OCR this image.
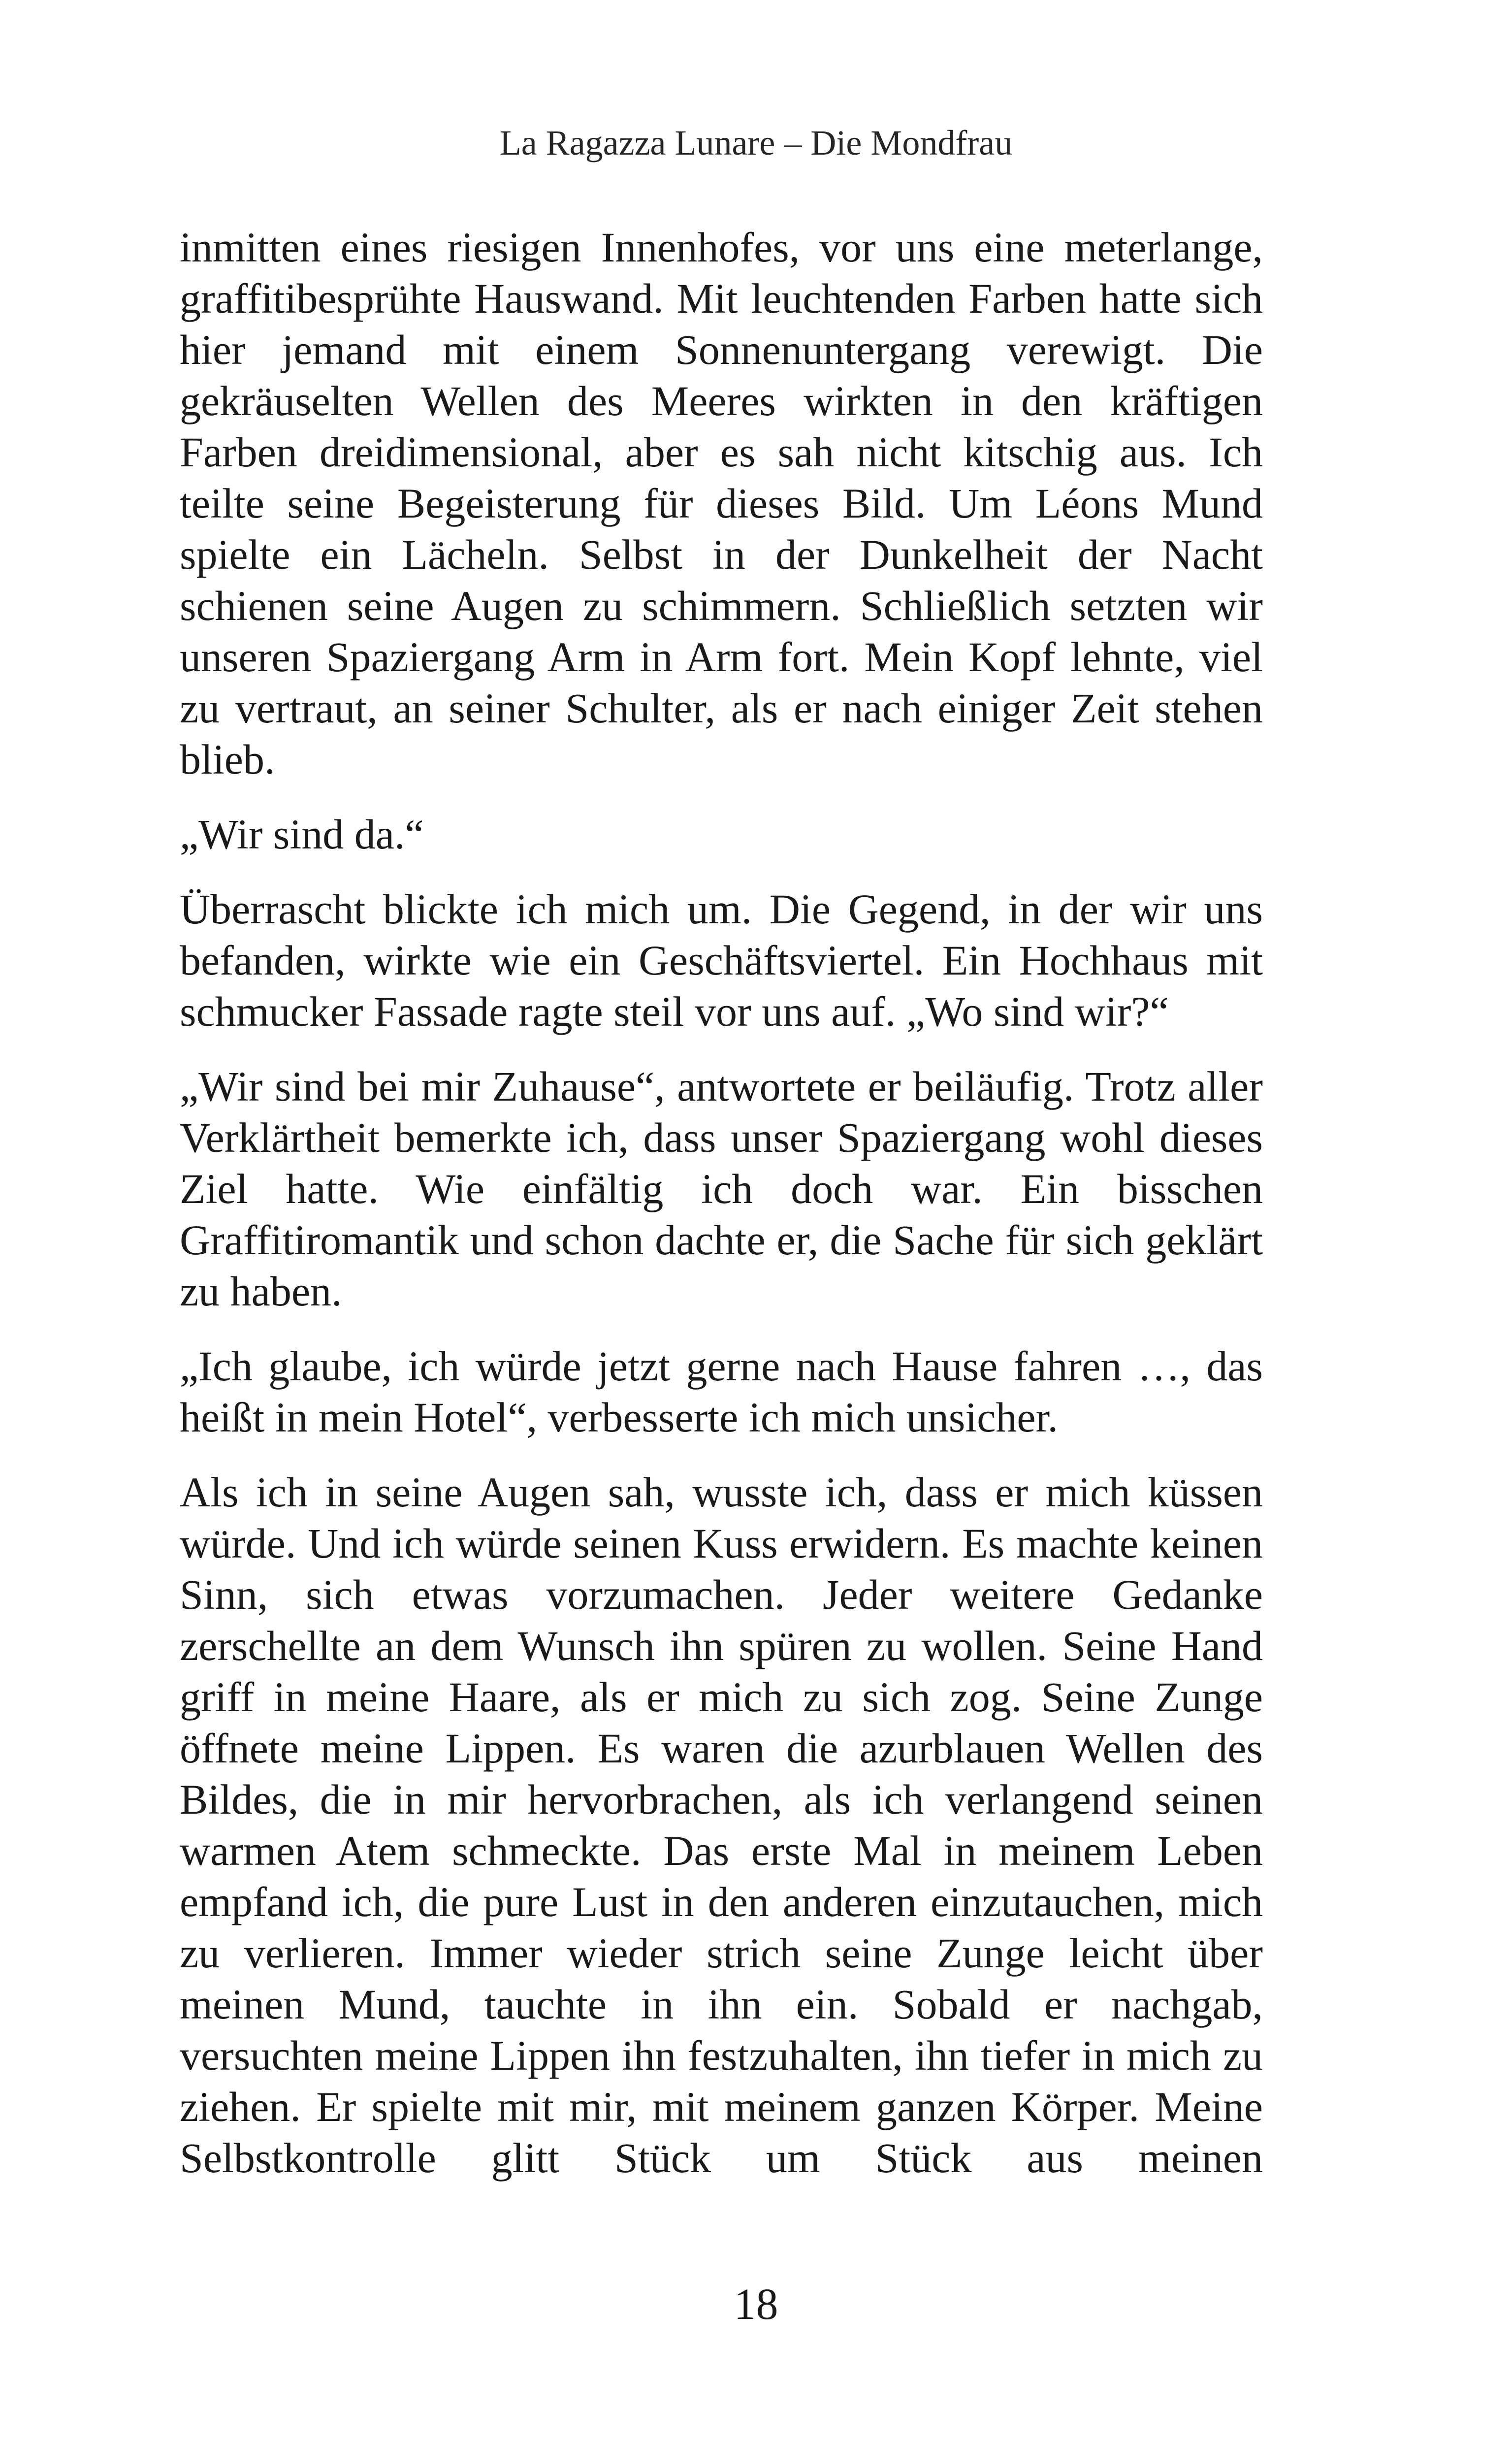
La Ragazza Lunare – Die Mondfrau

inmitten eines riesigen Innenhofes, vor uns eine meterlange, graffitibesprühte Hauswand. Mit leuchtenden Farben hatte sich hier jemand mit einem Sonnenuntergang verewigt. Die gekräuselten Wellen des Meeres wirkten in den kräftigen Farben dreidimensional, aber es sah nicht kitschig aus. Ich teilte seine Begeisterung für dieses Bild. Um Léons Mund spielte ein Lächeln. Selbst in der Dunkelheit der Nacht schienen seine Augen zu schimmern. Schließlich setzten wir unseren Spaziergang Arm in Arm fort. Mein Kopf lehnte, viel zu vertraut, an seiner Schulter, als er nach einiger Zeit stehen blieb.

„Wir sind da.“

Überrascht blickte ich mich um. Die Gegend, in der wir uns befanden, wirkte wie ein Geschäftsviertel. Ein Hochhaus mit schmucker Fassade ragte steil vor uns auf. „Wo sind wir?“

„Wir sind bei mir Zuhause“, antwortete er beiläufig. Trotz aller Verklärtheit bemerkte ich, dass unser Spaziergang wohl dieses Ziel hatte. Wie einfältig ich doch war. Ein bisschen Graffitiromantik und schon dachte er, die Sache für sich geklärt zu haben.

„Ich glaube, ich würde jetzt gerne nach Hause fahren …, das heißt in mein Hotel“, verbesserte ich mich unsicher.

Als ich in seine Augen sah, wusste ich, dass er mich küssen würde. Und ich würde seinen Kuss erwidern. Es machte keinen Sinn, sich etwas vorzumachen. Jeder weitere Gedanke zerschellte an dem Wunsch ihn spüren zu wollen. Seine Hand griff in meine Haare, als er mich zu sich zog. Seine Zunge öffnete meine Lippen. Es waren die azurblauen Wellen des Bildes, die in mir hervorbrachen, als ich verlangend seinen warmen Atem schmeckte. Das erste Mal in meinem Leben empfand ich, die pure Lust in den anderen einzutauchen, mich zu verlieren. Immer wieder strich seine Zunge leicht über meinen Mund, tauchte in ihn ein. Sobald er nachgab, versuchten meine Lippen ihn festzuhalten, ihn tiefer in mich zu ziehen. Er spielte mit mir, mit meinem ganzen Körper. Meine Selbstkontrolle glitt Stück um Stück aus meinen

18
